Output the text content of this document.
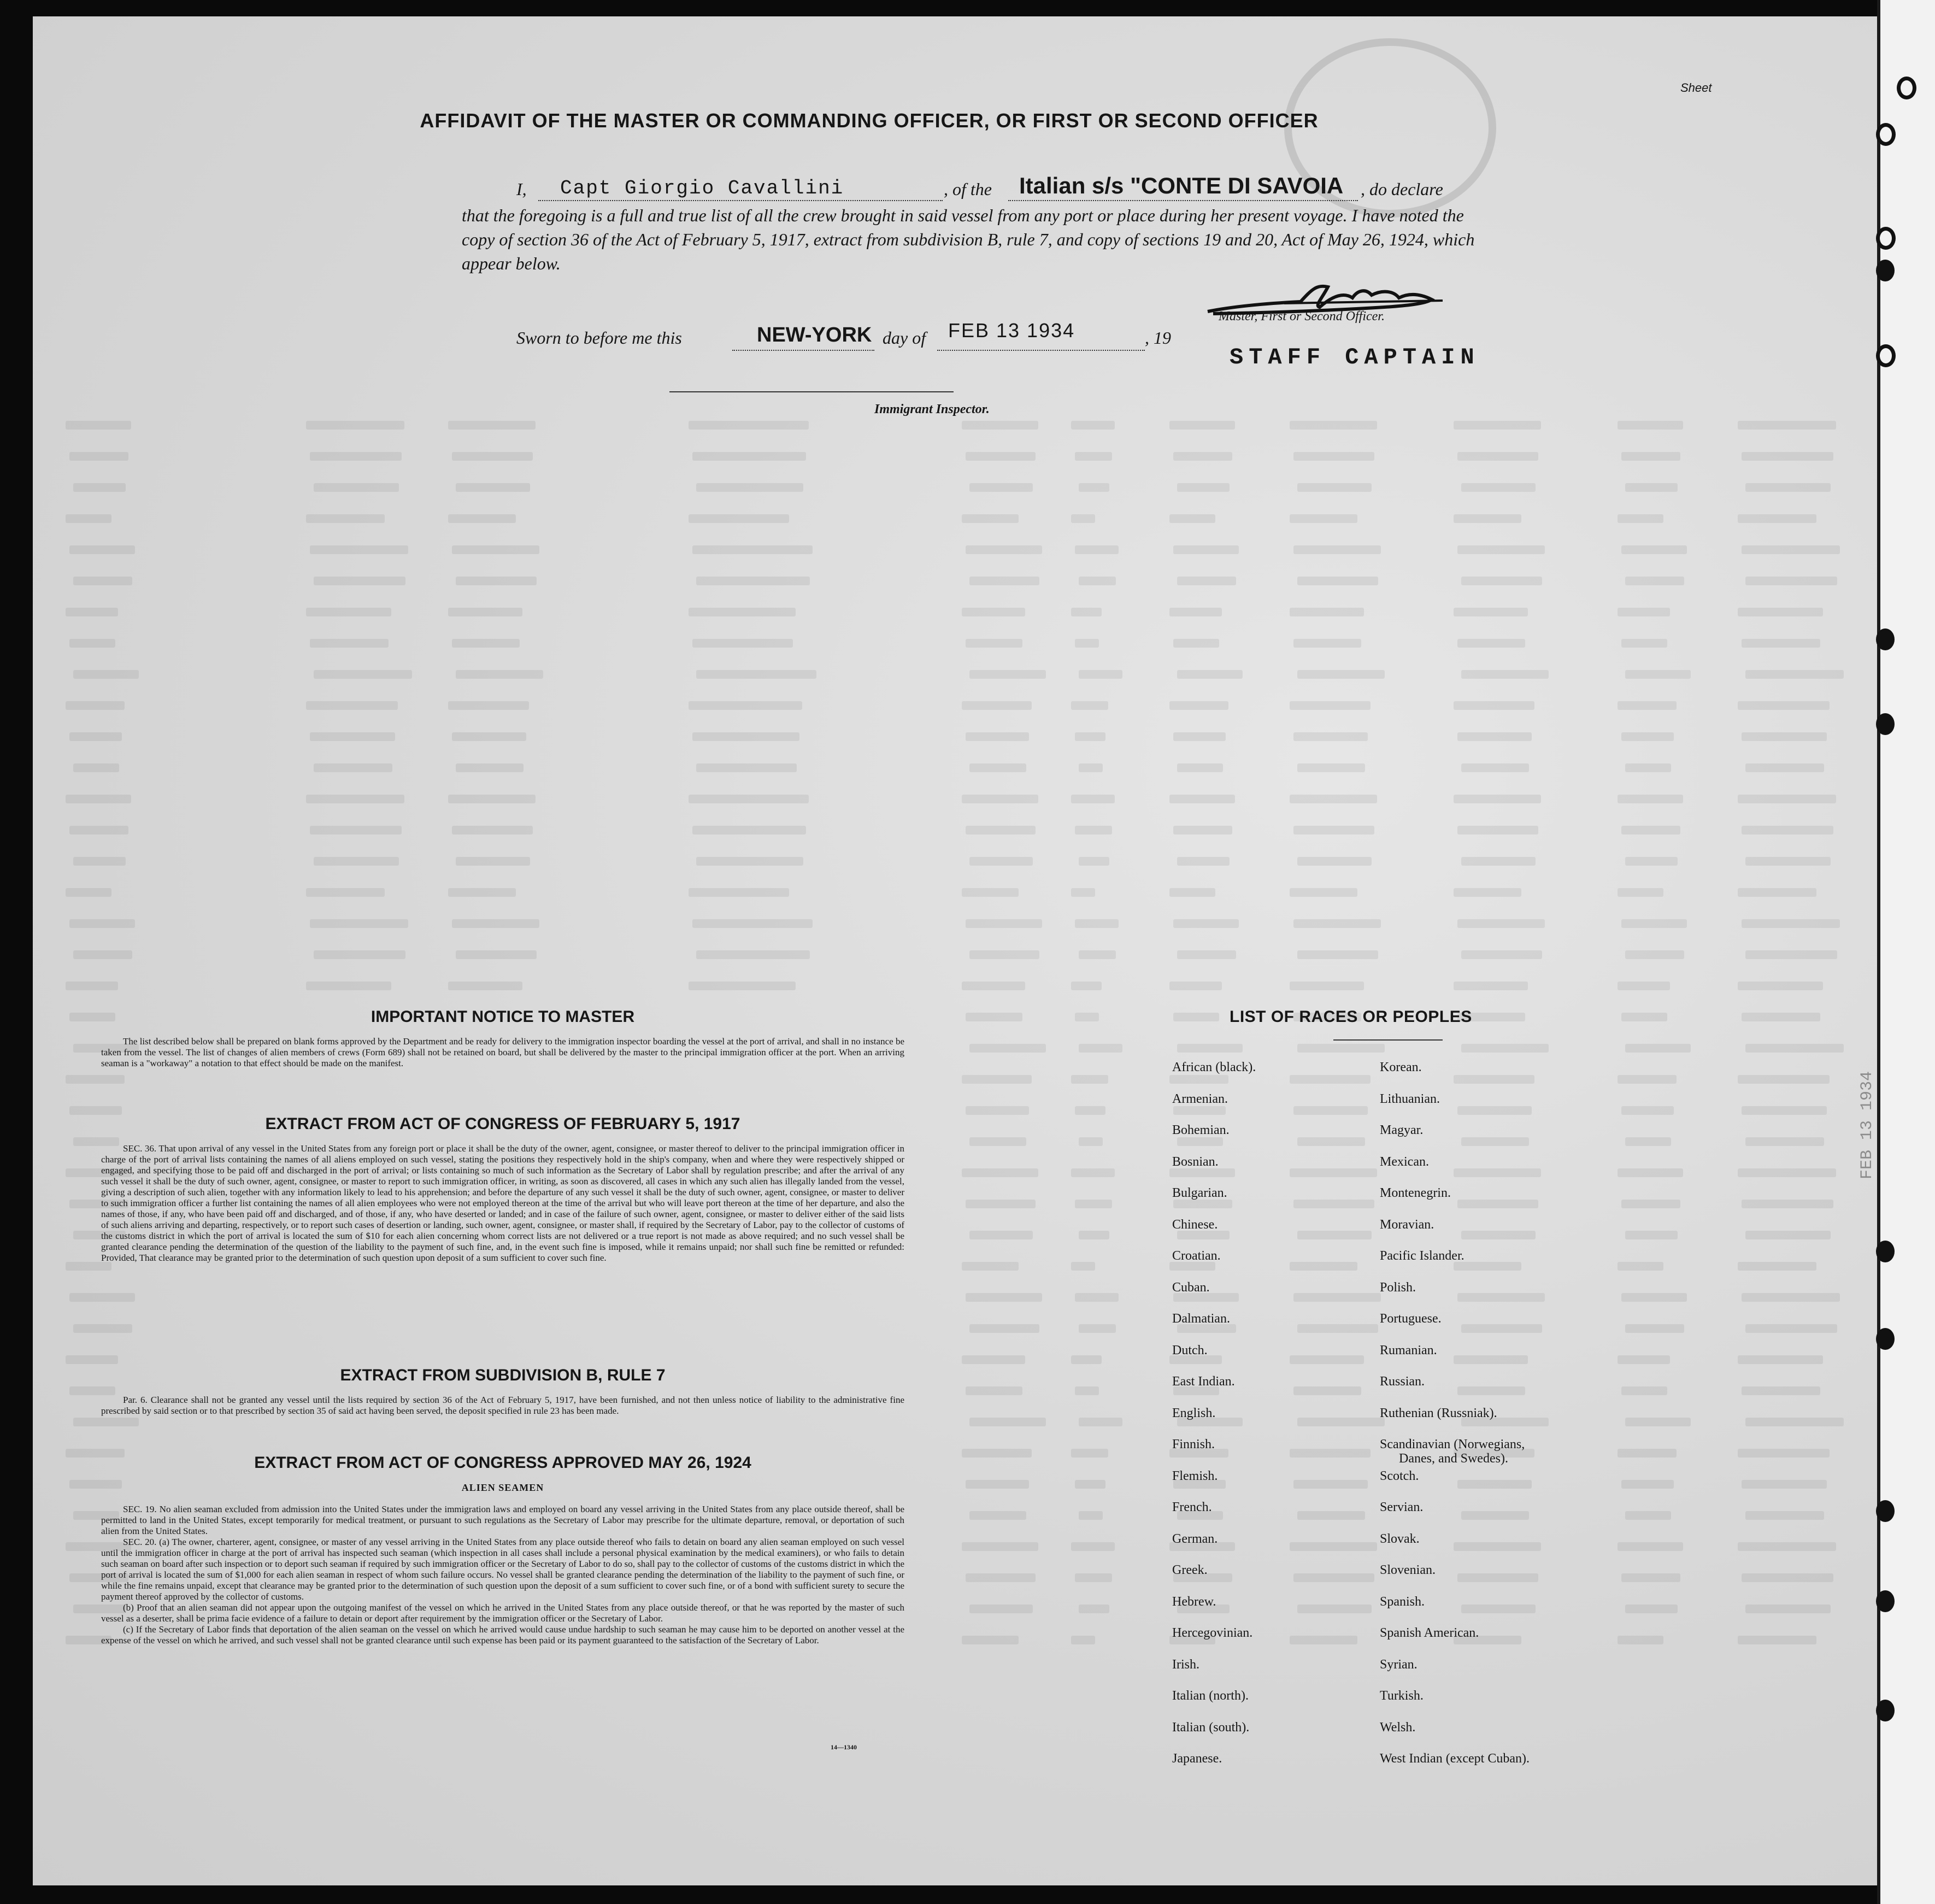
Sheet
AFFIDAVIT OF THE MASTER OR COMMANDING OFFICER, OR FIRST OR SECOND OFFICER
I, Capt Giorgio Cavallini	, of the Italian s/s "CONTE DI SAVOIA , do declare
that the foregoing is a full and true list of all the crew brought in said vessel from any port or place during her present voyage. I have noted the copy of section 36 of the Act of February 5, 1917, extract from subdivision B, rule 7, and copy of sections 19 and 20, Act of May 26, 1924, which appear below.
Master, First or Second Officer.
Sworn to before me this	NEW-YORK day of FEB 13 1934	, 19
STAFF CAPTAIN
Immigrant Inspector.
IMPORTANT NOTICE TO MASTER

The list described below shall be prepared on blank forms approved by the Department and be ready for delivery to the immigration inspector boarding the vessel at the port of arrival, and shall in no instance be taken from the vessel. The list of changes of alien members of crews (Form 689) shall not be retained on board, but shall be delivered by the master to the principal immigration officer at the port. When an arriving seaman is a "workaway" a notation to that effect should be made on the manifest.

EXTRACT FROM ACT OF CONGRESS OF FEBRUARY 5, 1917

SEC. 36. That upon arrival of any vessel in the United States from any foreign port or place it shall be the duty of the owner, agent, consignee, or master thereof to deliver to the principal immigration officer in charge of the port of arrival lists containing the names of all aliens employed on such vessel, stating the positions they respectively hold in the ship's company, when and where they were respectively shipped or engaged, and specifying those to be paid off and discharged in the port of arrival; or lists containing so much of such information as the Secretary of Labor shall by regulation prescribe; and after the arrival of any such vessel it shall be the duty of such owner, agent, consignee, or master to report to such immigration officer, in writing, as soon as discovered, all cases in which any such alien has illegally landed from the vessel, giving a description of such alien, together with any information likely to lead to his apprehension; and before the departure of any such vessel it shall be the duty of such owner, agent, consignee, or master to deliver to such immigration officer a further list containing the names of all alien employees who were not employed thereon at the time of the arrival but who will leave port thereon at the time of her departure, and also the names of those, if any, who have been paid off and discharged, and of those, if any, who have deserted or landed; and in case of the failure of such owner, agent, consignee, or master to deliver either of the said lists of such aliens arriving and departing, respectively, or to report such cases of desertion or landing, such owner, agent, consignee, or master shall, if required by the Secretary of Labor, pay to the collector of customs of the customs district in which the port of arrival is located the sum of $10 for each alien concerning whom correct lists are not delivered or a true report is not made as above required; and no such vessel shall be granted clearance pending the determination of the question of the liability to the payment of such fine, and, in the event such fine is imposed, while it remains unpaid; nor shall such fine be remitted or refunded: Provided, That clearance may be granted prior to the determination of such question upon deposit of a sum sufficient to cover such fine.

EXTRACT FROM SUBDIVISION B, RULE 7

Par. 6. Clearance shall not be granted any vessel until the lists required by section 36 of the Act of February 5, 1917, have been furnished, and not then unless notice of liability to the administrative fine prescribed by said section or to that prescribed by section 35 of said act having been served, the deposit specified in rule 23 has been made.

EXTRACT FROM ACT OF CONGRESS APPROVED MAY 26, 1924
ALIEN SEAMEN

SEC. 19. No alien seaman excluded from admission into the United States under the immigration laws and employed on board any vessel arriving in the United States from any place outside thereof, shall be permitted to land in the United States, except temporarily for medical treatment, or pursuant to such regulations as the Secretary of Labor may prescribe for the ultimate departure, removal, or deportation of such alien from the United States.

SEC. 20. (a) The owner, charterer, agent, consignee, or master of any vessel arriving in the United States from any place outside thereof who fails to detain on board any alien seaman employed on such vessel until the immigration officer in charge at the port of arrival has inspected such seaman (which inspection in all cases shall include a personal physical examination by the medical examiners), or who fails to detain such seaman on board after such inspection or to deport such seaman if required by such immigration officer or the Secretary of Labor to do so, shall pay to the collector of customs of the customs district in which the port of arrival is located the sum of $1,000 for each alien seaman in respect of whom such failure occurs. No vessel shall be granted clearance pending the determination of the liability to the payment of such fine, or while the fine remains unpaid, except that clearance may be granted prior to the determination of such question upon the deposit of a sum sufficient to cover such fine, or of a bond with sufficient surety to secure the payment thereof approved by the collector of customs.

(b) Proof that an alien seaman did not appear upon the outgoing manifest of the vessel on which he arrived in the United States from any place outside thereof, or that he was reported by the master of such vessel as a deserter, shall be prima facie evidence of a failure to detain or deport after requirement by the immigration officer or the Secretary of Labor.

(c) If the Secretary of Labor finds that deportation of the alien seaman on the vessel on which he arrived would cause undue hardship to such seaman he may cause him to be deported on another vessel at the expense of the vessel on which he arrived, and such vessel shall not be granted clearance until such expense has been paid or its payment guaranteed to the satisfaction of the Secretary of Labor.

14—1340
LIST OF RACES OR PEOPLES
African (black).
Armenian.
Bohemian.
Bosnian.
Bulgarian.
Chinese.
Croatian.
Cuban.
Dalmatian.
Dutch.
East Indian.
English.
Finnish.
Flemish.
French.
German.
Greek.
Hebrew.
Hercegovinian.
Irish.
Italian (north).
Italian (south).
Japanese.
Korean.
Lithuanian.
Magyar.
Mexican.
Montenegrin.
Moravian.
Pacific Islander.
Polish.
Portuguese.
Rumanian.
Russian.
Ruthenian (Russniak).
Scandinavian (Norwegians,
Danes, and Swedes).
Scotch.
Servian.
Slovak.
Slovenian.
Spanish.
Spanish American.
Syrian.
Turkish.
Welsh.
West Indian (except Cuban).
FEB 13 1934
